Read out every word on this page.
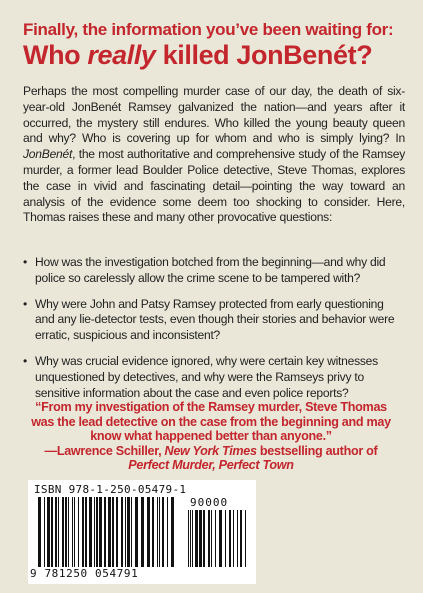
Finally, the information you’ve been waiting for:
Who really killed JonBenét?
Perhaps the most compelling murder case of our day, the death of six-year-old JonBenét Ramsey galvanized the nation—and years after it occurred, the mystery still endures. Who killed the young beauty queen and why? Who is covering up for whom and who is simply lying? In JonBenét, the most authoritative and comprehensive study of the Ramsey murder, a former lead Boulder Police detective, Steve Thomas, explores the case in vivid and fascinating detail—pointing the way toward an analysis of the evidence some deem too shocking to consider. Here, Thomas raises these and many other provocative questions:
• How was the investigation botched from the beginning—and why did police so carelessly allow the crime scene to be tampered with?
• Why were John and Patsy Ramsey protected from early questioning and any lie-detector tests, even though their stories and behavior were erratic, suspicious and inconsistent?
• Why was crucial evidence ignored, why were certain key witnesses unquestioned by detectives, and why were the Ramseys privy to sensitive information about the case and even police reports?
“From my investigation of the Ramsey murder, Steve Thomas was the lead detective on the case from the beginning and may know what happened better than anyone.”
—Lawrence Schiller, New York Times bestselling author of Perfect Murder, Perfect Town
ISBN 978-1-250-05479-1
90000
9 781250 054791
